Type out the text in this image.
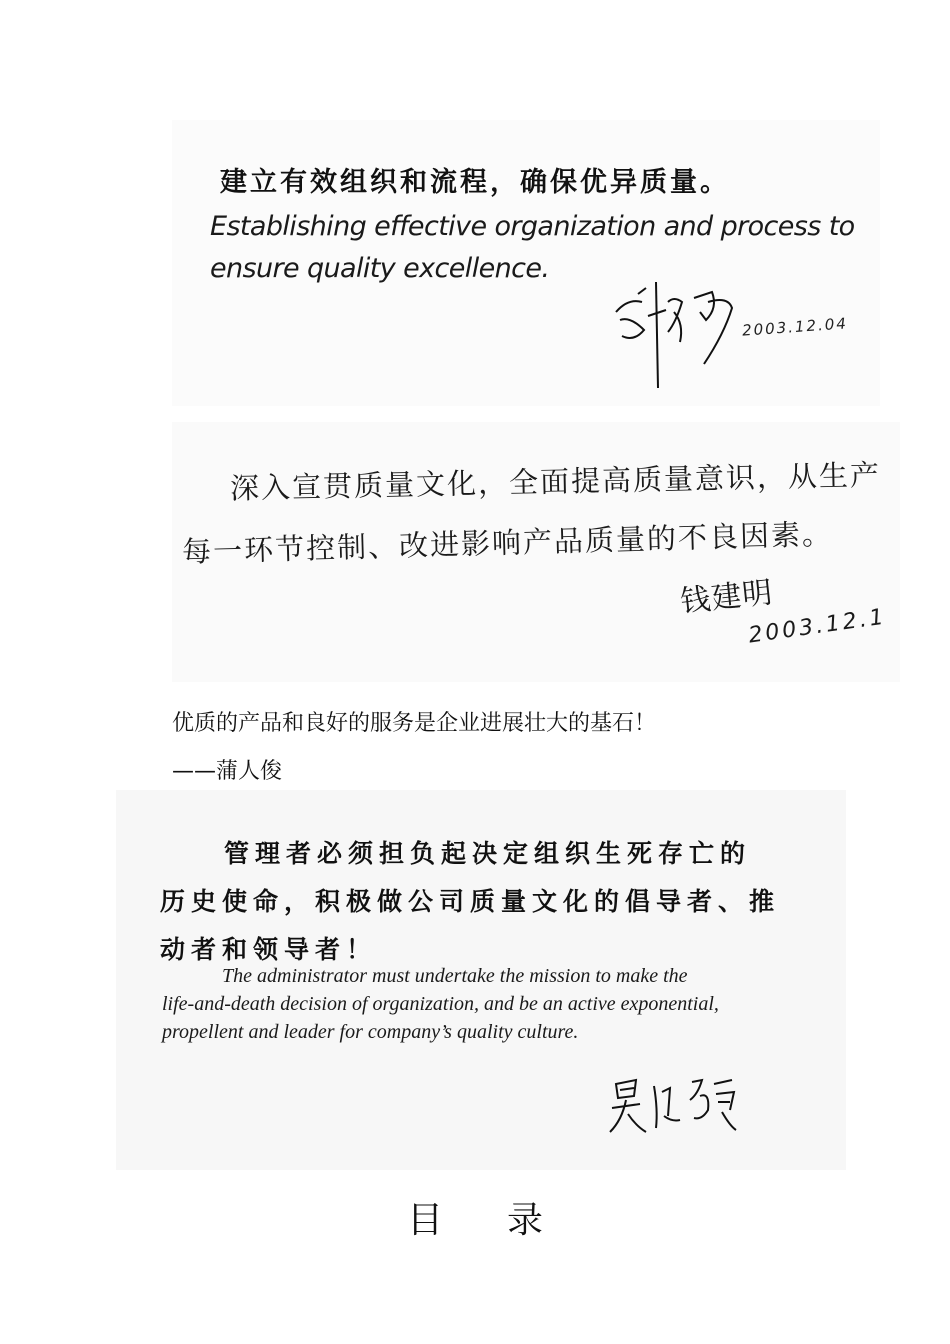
建立有效组织和流程，确保优异质量。
Establishing effective organization and process to
ensure quality excellence.
2003.12.04
深入宣贯质量文化，全面提高质量意识，从生产
每一环节控制、改进影响产品质量的不良因素。
钱建明
2003.12.1
优质的产品和良好的服务是企业进展壮大的基石！
——蒲人俊
管理者必须担负起决定组织生死存亡的
历史使命，积极做公司质量文化的倡导者、推
动者和领导者！
The administrator must undertake the mission to make the
life-and-death decision of organization, and be an active exponential,
propellent and leader for company’s quality culture.
目录
